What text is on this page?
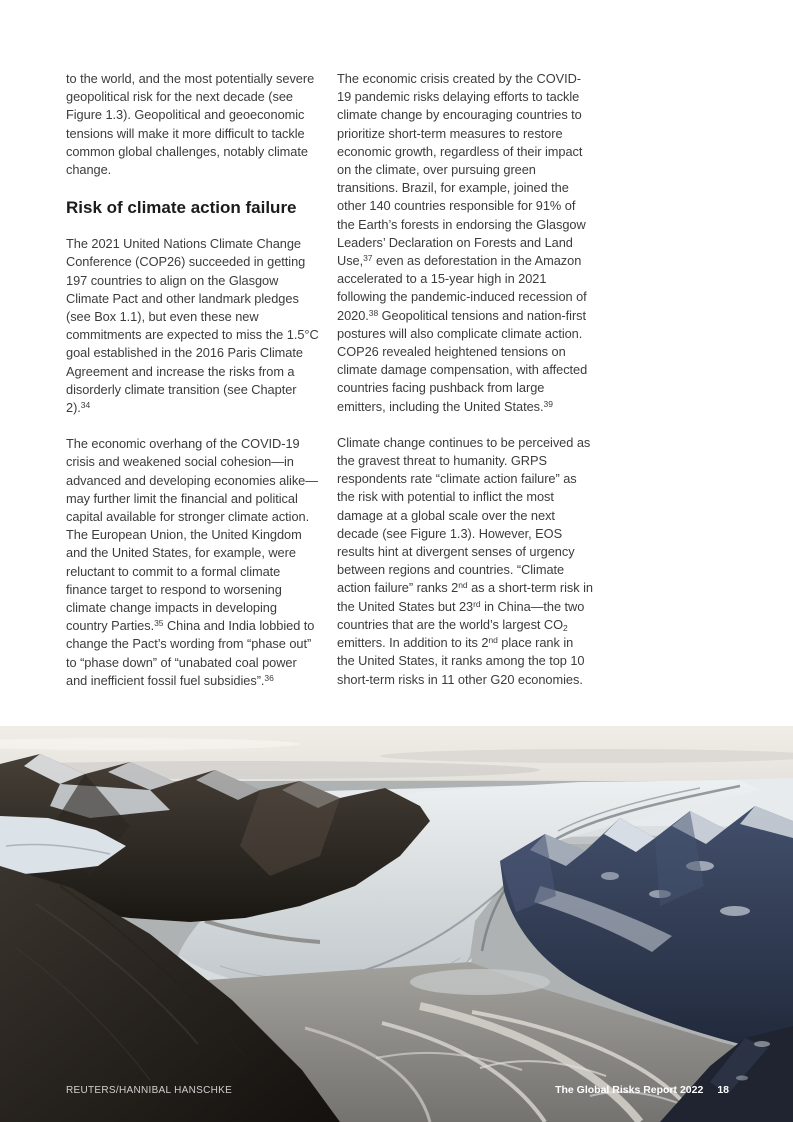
to the world, and the most potentially severe geopolitical risk for the next decade (see Figure 1.3). Geopolitical and geoeconomic tensions will make it more difficult to tackle common global challenges, notably climate change.

Risk of climate action failure

The 2021 United Nations Climate Change Conference (COP26) succeeded in getting 197 countries to align on the Glasgow Climate Pact and other landmark pledges (see Box 1.1), but even these new commitments are expected to miss the 1.5°C goal established in the 2016 Paris Climate Agreement and increase the risks from a disorderly climate transition (see Chapter 2).$^{34}$

The economic overhang of the COVID-19 crisis and weakened social cohesion—in advanced and developing economies alike—may further limit the financial and political capital available for stronger climate action. The European Union, the United Kingdom and the United States, for example, were reluctant to commit to a formal climate finance target to respond to worsening climate change impacts in developing country Parties.$^{35}$ China and India lobbied to change the Pact’s wording from “phase out” to “phase down” of “unabated coal power and inefficient fossil fuel subsidies”.$^{36}$

The economic crisis created by the COVID-19 pandemic risks delaying efforts to tackle climate change by encouraging countries to prioritize short-term measures to restore economic growth, regardless of their impact on the climate, over pursuing green transitions. Brazil, for example, joined the other 140 countries responsible for 91% of the Earth’s forests in endorsing the Glasgow Leaders’ Declaration on Forests and Land Use,$^{37}$ even as deforestation in the Amazon accelerated to a 15-year high in 2021 following the pandemic-induced recession of 2020.38 Geopolitical tensions and nation-first postures will also complicate climate action. COP26 revealed heightened tensions on climate damage compensation, with affected countries facing pushback from large emitters, including the United States.$^{39}$

Climate change continues to be perceived as the gravest threat to humanity. GRPS respondents rate “climate action failure” as the risk with potential to inflict the most damage at a global scale over the next decade (see Figure 1.3). However, EOS results hint at divergent senses of urgency between regions and countries. “Climate action failure” ranks 2nd as a short-term risk in the United States but 23rd in China—the two countries that are the world’s largest $CO_2$ emitters. In addition to its 2nd place rank in the United States, it ranks among the top 10 short-term risks in 11 other G20 economies.

REUTERS/HANNIBAL HANSCHKE	The Global Risks Report 2022 18
